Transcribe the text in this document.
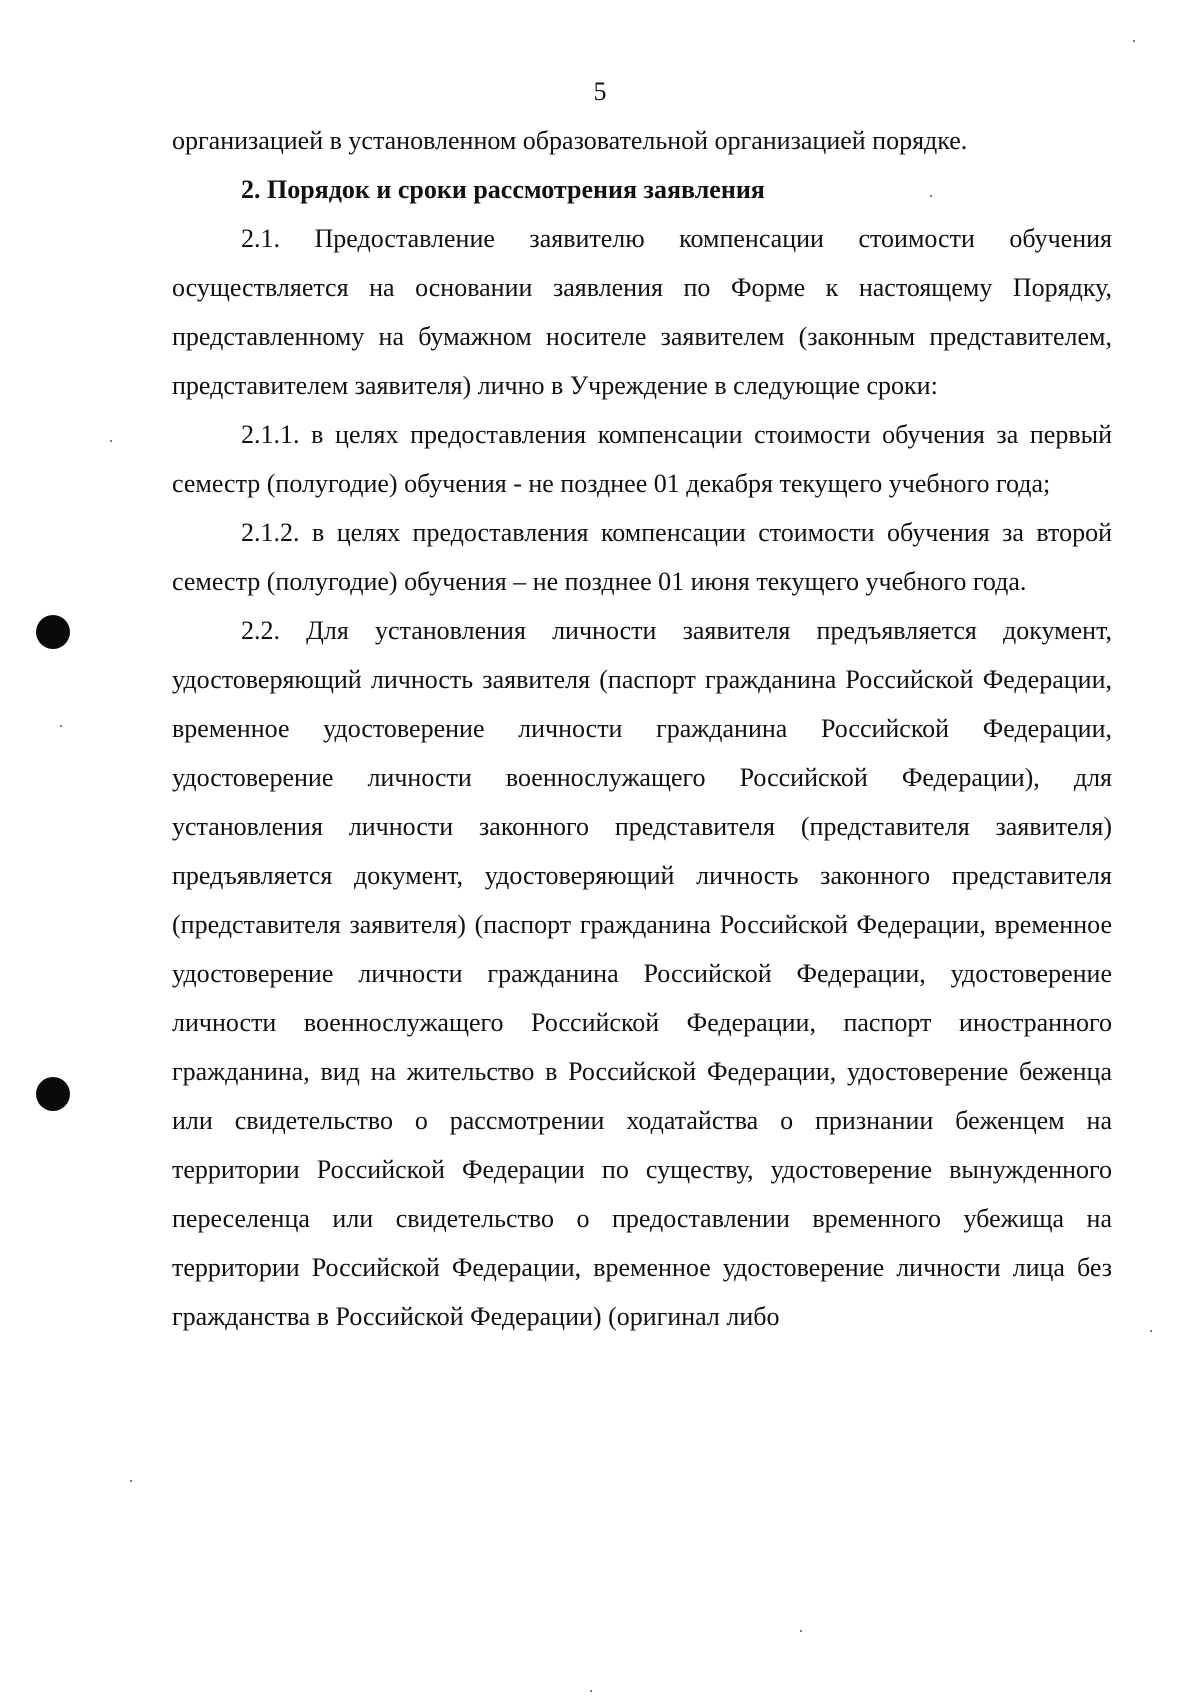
5

организацией в установленном образовательной организацией порядке.

2. Порядок и сроки рассмотрения заявления

2.1. Предоставление заявителю компенсации стоимости обучения осуществляется на основании заявления по Форме к настоящему Порядку, представленному на бумажном носителе заявителем (законным представителем, представителем заявителя) лично в Учреждение в следующие сроки:

2.1.1. в целях предоставления компенсации стоимости обучения за первый семестр (полугодие) обучения - не позднее 01 декабря текущего учебного года;

2.1.2. в целях предоставления компенсации стоимости обучения за второй семестр (полугодие) обучения – не позднее 01 июня текущего учебного года.

2.2. Для установления личности заявителя предъявляется документ, удостоверяющий личность заявителя (паспорт гражданина Российской Федерации, временное удостоверение личности гражданина Российской Федерации, удостоверение личности военнослужащего Российской Федерации), для установления личности законного представителя (представителя заявителя) предъявляется документ, удостоверяющий личность законного представителя (представителя заявителя) (паспорт гражданина Российской Федерации, временное удостоверение личности гражданина Российской Федерации, удостоверение личности военнослужащего Российской Федерации, паспорт иностранного гражданина, вид на жительство в Российской Федерации, удостоверение беженца или свидетельство о рассмотрении ходатайства о признании беженцем на территории Российской Федерации по существу, удостоверение вынужденного переселенца или свидетельство о предоставлении временного убежища на территории Российской Федерации, временное удостоверение личности лица без гражданства в Российской Федерации) (оригинал либо
